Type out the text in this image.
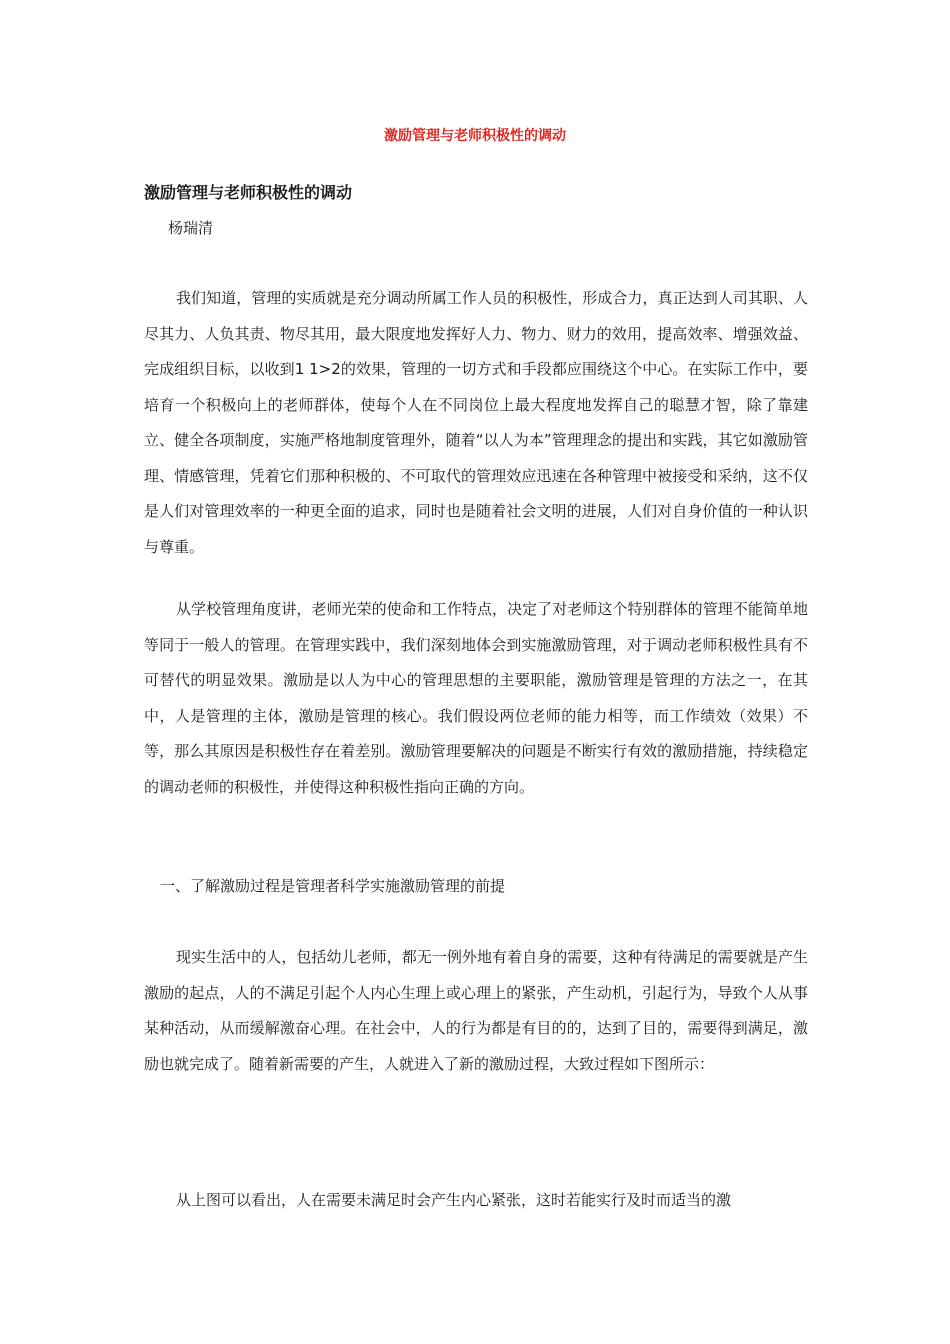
激励管理与老师积极性的调动
激励管理与老师积极性的调动
杨瑞清

我们知道，管理的实质就是充分调动所属工作人员的积极性，形成合力，真正达到人司其职、人尽其力、人负其责、物尽其用，最大限度地发挥好人力、物力、财力的效用，提高效率、增强效益、完成组织目标，以收到1 1>2的效果，管理的一切方式和手段都应围绕这个中心。在实际工作中，要培育一个积极向上的老师群体，使每个人在不同岗位上最大程度地发挥自己的聪慧才智，除了靠建立、健全各项制度，实施严格地制度管理外，随着“以人为本”管理理念的提出和实践，其它如激励管理、情感管理，凭着它们那种积极的、不可取代的管理效应迅速在各种管理中被接受和采纳，这不仅是人们对管理效率的一种更全面的追求，同时也是随着社会文明的进展，人们对自身价值的一种认识与尊重。

从学校管理角度讲，老师光荣的使命和工作特点，决定了对老师这个特别群体的管理不能简单地等同于一般人的管理。在管理实践中，我们深刻地体会到实施激励管理，对于调动老师积极性具有不可替代的明显效果。激励是以人为中心的管理思想的主要职能，激励管理是管理的方法之一，在其中，人是管理的主体，激励是管理的核心。我们假设两位老师的能力相等，而工作绩效（效果）不等，那么其原因是积极性存在着差别。激励管理要解决的问题是不断实行有效的激励措施，持续稳定的调动老师的积极性，并使得这种积极性指向正确的方向。

一、了解激励过程是管理者科学实施激励管理的前提

现实生活中的人，包括幼儿老师，都无一例外地有着自身的需要，这种有待满足的需要就是产生激励的起点，人的不满足引起个人内心生理上或心理上的紧张，产生动机，引起行为，导致个人从事某种活动，从而缓解激奋心理。在社会中，人的行为都是有目的的，达到了目的，需要得到满足，激励也就完成了。随着新需要的产生，人就进入了新的激励过程，大致过程如下图所示：

从上图可以看出，人在需要未满足时会产生内心紧张，这时若能实行及时而适当的激
